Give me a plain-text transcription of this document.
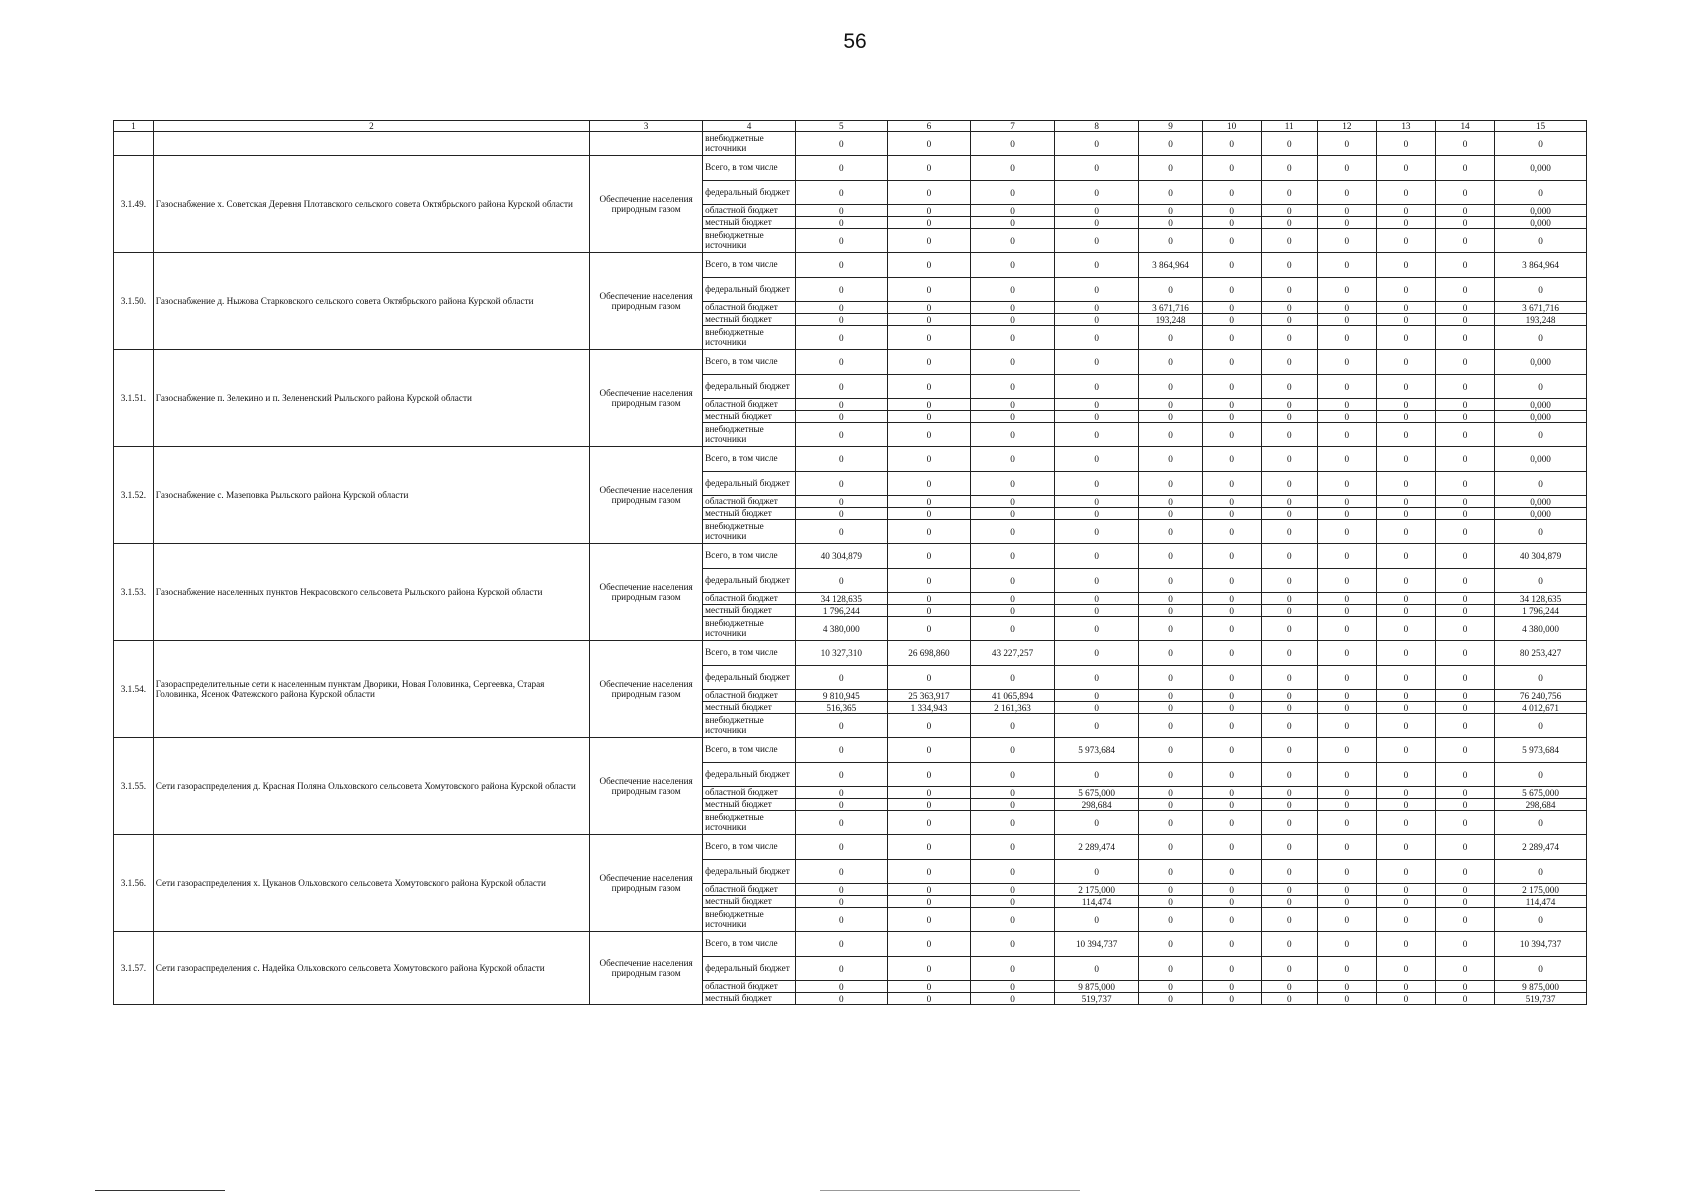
56
1	2	3	4	5	6	7	8	9	10	11	12	13	14	15
			внебюджетные источники	0	0	0	0	0	0	0	0	0	0	0
3.1.49.	Газоснабжение х. Советская Деревня Плотавского сельского совета Октябрьского района Курской области	Обеспечение населения природным газом	Всего, в том числе	0	0	0	0	0	0	0	0	0	0	0,000
			федеральный бюджет	0	0	0	0	0	0	0	0	0	0	0
			областной бюджет	0	0	0	0	0	0	0	0	0	0	0,000
			местный бюджет	0	0	0	0	0	0	0	0	0	0	0,000
			внебюджетные источники	0	0	0	0	0	0	0	0	0	0	0
3.1.50.	Газоснабжение д. Ныжова Старковского сельского совета Октябрьского района Курской области	Обеспечение населения природным газом	Всего, в том числе	0	0	0	0	3 864,964	0	0	0	0	0	3 864,964
			федеральный бюджет	0	0	0	0	0	0	0	0	0	0	0
			областной бюджет	0	0	0	0	3 671,716	0	0	0	0	0	3 671,716
			местный бюджет	0	0	0	0	193,248	0	0	0	0	0	193,248
			внебюджетные источники	0	0	0	0	0	0	0	0	0	0	0
3.1.51.	Газоснабжение п. Зелекино и п. Зелененский Рыльского района Курской области	Обеспечение населения природным газом	Всего, в том числе	0	0	0	0	0	0	0	0	0	0	0,000
			федеральный бюджет	0	0	0	0	0	0	0	0	0	0	0
			областной бюджет	0	0	0	0	0	0	0	0	0	0	0,000
			местный бюджет	0	0	0	0	0	0	0	0	0	0	0,000
			внебюджетные источники	0	0	0	0	0	0	0	0	0	0	0
3.1.52.	Газоснабжение с. Мазеповка Рыльского района Курской области	Обеспечение населения природным газом	Всего, в том числе	0	0	0	0	0	0	0	0	0	0	0,000
			федеральный бюджет	0	0	0	0	0	0	0	0	0	0	0
			областной бюджет	0	0	0	0	0	0	0	0	0	0	0,000
			местный бюджет	0	0	0	0	0	0	0	0	0	0	0,000
			внебюджетные источники	0	0	0	0	0	0	0	0	0	0	0
3.1.53.	Газоснабжение населенных пунктов Некрасовского сельсовета Рыльского района Курской области	Обеспечение населения природным газом	Всего, в том числе	40 304,879	0	0	0	0	0	0	0	0	0	40 304,879
			федеральный бюджет	0	0	0	0	0	0	0	0	0	0	0
			областной бюджет	34 128,635	0	0	0	0	0	0	0	0	0	34 128,635
			местный бюджет	1 796,244	0	0	0	0	0	0	0	0	0	1 796,244
			внебюджетные источники	4 380,000	0	0	0	0	0	0	0	0	0	4 380,000
3.1.54.	Газораспределительные сети к населенным пунктам Дворики, Новая Головинка, Сергеевка, Старая Головинка, Ясенок Фатежского района Курской области	Обеспечение населения природным газом	Всего, в том числе	10 327,310	26 698,860	43 227,257	0	0	0	0	0	0	0	80 253,427
			федеральный бюджет	0	0	0	0	0	0	0	0	0	0	0
			областной бюджет	9 810,945	25 363,917	41 065,894	0	0	0	0	0	0	0	76 240,756
			местный бюджет	516,365	1 334,943	2 161,363	0	0	0	0	0	0	0	4 012,671
			внебюджетные источники	0	0	0	0	0	0	0	0	0	0	0
3.1.55.	Сети газораспределения д. Красная Поляна Ольховского сельсовета Хомутовского района Курской области	Обеспечение населения природным газом	Всего, в том числе	0	0	0	5 973,684	0	0	0	0	0	0	5 973,684
			федеральный бюджет	0	0	0	0	0	0	0	0	0	0	0
			областной бюджет	0	0	0	5 675,000	0	0	0	0	0	0	5 675,000
			местный бюджет	0	0	0	298,684	0	0	0	0	0	0	298,684
			внебюджетные источники	0	0	0	0	0	0	0	0	0	0	0
3.1.56.	Сети газораспределения х. Цуканов Ольховского сельсовета Хомутовского района Курской области	Обеспечение населения природным газом	Всего, в том числе	0	0	0	2 289,474	0	0	0	0	0	0	2 289,474
			федеральный бюджет	0	0	0	0	0	0	0	0	0	0	0
			областной бюджет	0	0	0	2 175,000	0	0	0	0	0	0	2 175,000
			местный бюджет	0	0	0	114,474	0	0	0	0	0	0	114,474
			внебюджетные источники	0	0	0	0	0	0	0	0	0	0	0
3.1.57.	Сети газораспределения с. Надейка Ольховского сельсовета Хомутовского района Курской области	Обеспечение населения природным газом	Всего, в том числе	0	0	0	10 394,737	0	0	0	0	0	0	10 394,737
			федеральный бюджет	0	0	0	0	0	0	0	0	0	0	0
			областной бюджет	0	0	0	9 875,000	0	0	0	0	0	0	9 875,000
			местный бюджет	0	0	0	519,737	0	0	0	0	0	0	519,737
